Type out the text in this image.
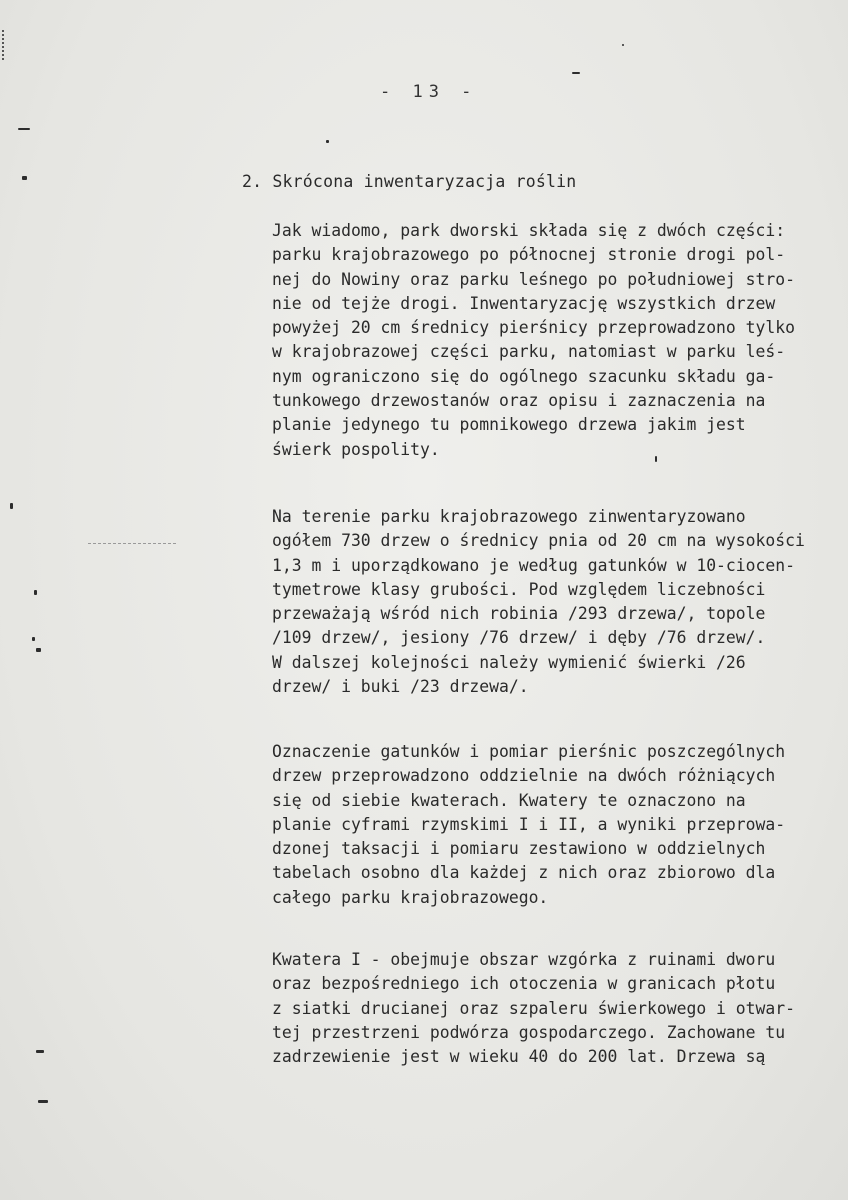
- 13 -
2. Skrócona inwentaryzacja roślin
Jak wiadomo, park dworski składa się z dwóch części:
parku krajobrazowego po północnej stronie drogi pol-
nej do Nowiny oraz parku leśnego po południowej stro-
nie od tejże drogi. Inwentaryzację wszystkich drzew
powyżej 20 cm średnicy pierśnicy przeprowadzono tylko
w krajobrazowej części parku, natomiast w parku leś-
nym ograniczono się do ogólnego szacunku składu ga-
tunkowego drzewostanów oraz opisu i zaznaczenia na
planie jedynego tu pomnikowego drzewa jakim jest
świerk pospolity.
Na terenie parku krajobrazowego zinwentaryzowano
ogółem 730 drzew o średnicy pnia od 20 cm na wysokości
1,3 m i uporządkowano je według gatunków w 10-ciocen-
tymetrowe klasy grubości. Pod względem liczebności
przeważają wśród nich robinia /293 drzewa/, topole
/109 drzew/, jesiony /76 drzew/ i dęby /76 drzew/.
W dalszej kolejności należy wymienić świerki /26
drzew/ i buki /23 drzewa/.
Oznaczenie gatunków i pomiar pierśnic poszczególnych
drzew przeprowadzono oddzielnie na dwóch różniących
się od siebie kwaterach. Kwatery te oznaczono na
planie cyframi rzymskimi I i II, a wyniki przeprowa-
dzonej taksacji i pomiaru zestawiono w oddzielnych
tabelach osobno dla każdej z nich oraz zbiorowo dla
całego parku krajobrazowego.
Kwatera I - obejmuje obszar wzgórka z ruinami dworu
oraz bezpośredniego ich otoczenia w granicach płotu
z siatki drucianej oraz szpaleru świerkowego i otwar-
tej przestrzeni podwórza gospodarczego. Zachowane tu
zadrzewienie jest w wieku 40 do 200 lat. Drzewa są
